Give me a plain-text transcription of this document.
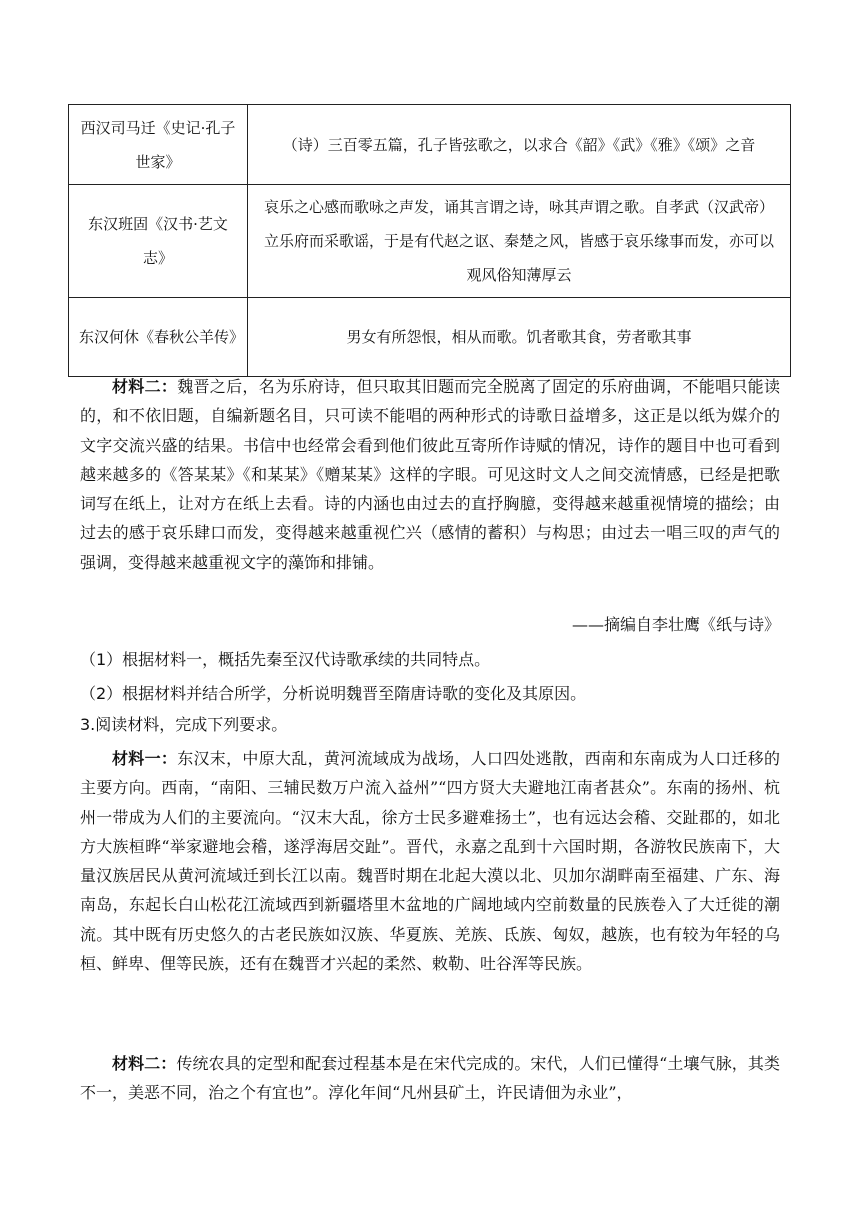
西汉司马迁《史记·孔子世家》	（诗）三百零五篇，孔子皆弦歌之，以求合《韶》《武》《雅》《颂》之音
东汉班固《汉书·艺文志》	哀乐之心感而歌咏之声发，诵其言谓之诗，咏其声谓之歌。自孝武（汉武帝）立乐府而采歌谣，于是有代赵之讴、秦楚之风，皆感于哀乐缘事而发，亦可以观风俗知薄厚云
东汉何休《春秋公羊传》	男女有所怨恨，相从而歌。饥者歌其食，劳者歌其事
材料二：魏晋之后，名为乐府诗，但只取其旧题而完全脱离了固定的乐府曲调，不能唱只能读的，和不依旧题，自编新题名目，只可读不能唱的两种形式的诗歌日益增多，这正是以纸为媒介的文字交流兴盛的结果。书信中也经常会看到他们彼此互寄所作诗赋的情况，诗作的题目中也可看到越来越多的《答某某》《和某某》《赠某某》这样的字眼。可见这时文人之间交流情感，已经是把歌词写在纸上，让对方在纸上去看。诗的内涵也由过去的直抒胸臆，变得越来越重视情境的描绘；由过去的感于哀乐肆口而发，变得越来越重视伫兴（感情的蓄积）与构思；由过去一唱三叹的声气的强调，变得越来越重视文字的藻饰和排铺。
——摘编自李壮鹰《纸与诗》
（1）根据材料一，概括先秦至汉代诗歌承续的共同特点。
（2）根据材料并结合所学，分析说明魏晋至隋唐诗歌的变化及其原因。
3.阅读材料，完成下列要求。
材料一：东汉末，中原大乱，黄河流域成为战场，人口四处逃散，西南和东南成为人口迁移的主要方向。西南，“南阳、三辅民数万户流入益州”“四方贤大夫避地江南者甚众”。东南的扬州、杭州一带成为人们的主要流向。“汉末大乱，徐方士民多避难扬土”，也有远达会稽、交趾郡的，如北方大族桓晔“举家避地会稽，遂浮海居交趾”。晋代，永嘉之乱到十六国时期，各游牧民族南下，大量汉族居民从黄河流域迁到长江以南。魏晋时期在北起大漠以北、贝加尔湖畔南至福建、广东、海南岛，东起长白山松花江流域西到新疆塔里木盆地的广阔地域内空前数量的民族卷入了大迁徙的潮流。其中既有历史悠久的古老民族如汉族、华夏族、羌族、氐族、匈奴，越族，也有较为年轻的乌桓、鲜卑、俚等民族，还有在魏晋才兴起的柔然、敕勒、吐谷浑等民族。
材料二：传统农具的定型和配套过程基本是在宋代完成的。宋代，人们已懂得“土壤气脉，其类不一，美恶不同，治之个有宜也”。淳化年间“凡州县矿土，许民请佃为永业”，
